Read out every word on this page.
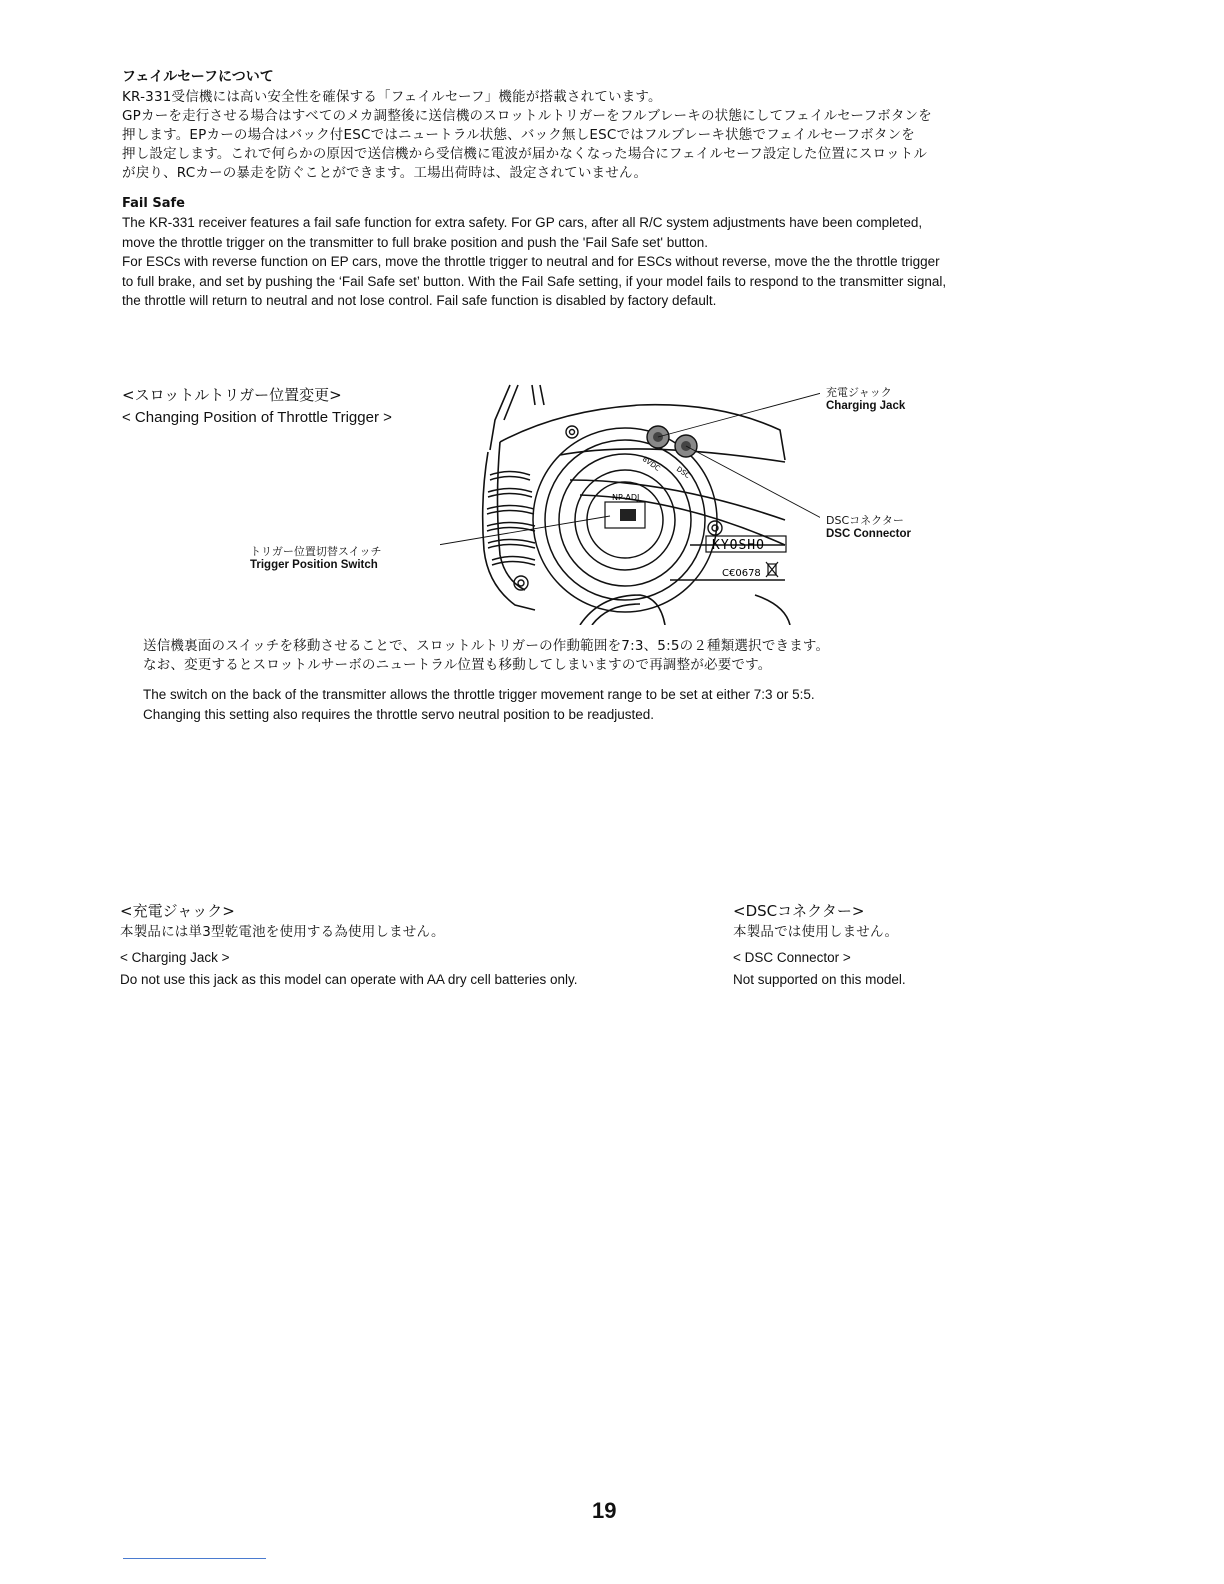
フェイルセーフについて
KR-331受信機には高い安全性を確保する「フェイルセーフ」機能が搭載されています。
GPカーを走行させる場合はすべてのメカ調整後に送信機のスロットルトリガーをフルブレーキの状態にしてフェイルセーフボタンを
押します。EPカーの場合はバック付ESCではニュートラル状態、バック無しESCではフルブレーキ状態でフェイルセーフボタンを
押し設定します。これで何らかの原因で送信機から受信機に電波が届かなくなった場合にフェイルセーフ設定した位置にスロットル
が戻り、RCカーの暴走を防ぐことができます。工場出荷時は、設定されていません。
Fail Safe
The KR-331 receiver features a fail safe function for extra safety. For GP cars, after all R/C system adjustments have been completed,
move the throttle trigger on the transmitter to full brake position and push the 'Fail Safe set' button.
For ESCs with reverse function on EP cars, move the throttle trigger to neutral and for ESCs without reverse, move the the throttle trigger
to full brake, and set by pushing the ‘Fail Safe set’ button. With the Fail Safe setting, if your model fails to respond to the transmitter signal,
the throttle will return to neutral and not lose control. Fail safe function is disabled by factory default.
<スロットルトリガー位置変更>
< Changing Position of Throttle Trigger >
NP-ADJ
8VDC DSC
KYOSHO
C€0678
充電ジャック
Charging Jack
DSCコネクター
DSC Connector
トリガー位置切替スイッチ
Trigger Position Switch
送信機裏面のスイッチを移動させることで、スロットルトリガーの作動範囲を7:3、5:5の２種類選択できます。
なお、変更するとスロットルサーボのニュートラル位置も移動してしまいますので再調整が必要です。
The switch on the back of the transmitter allows the throttle trigger movement range to be set at either 7:3 or 5:5.
Changing this setting also requires the throttle servo neutral position to be readjusted.
<充電ジャック>
本製品には単3型乾電池を使用する為使用しません。
< Charging Jack >
Do not use this jack as this model can operate with AA dry cell batteries only.
<DSCコネクター>
本製品では使用しません。
< DSC Connector >
Not supported on this model.
19
